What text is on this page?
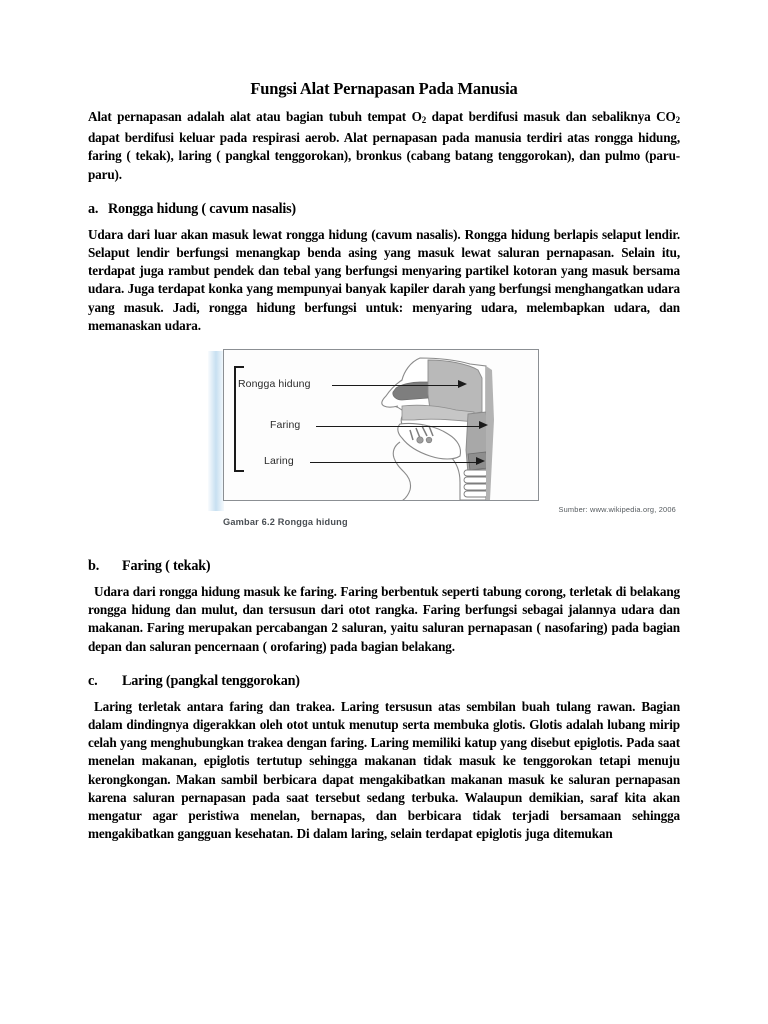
Fungsi Alat Pernapasan Pada Manusia

Alat pernapasan adalah alat atau bagian tubuh tempat $O_2$ dapat berdifusi masuk dan sebaliknya $CO_2$ dapat berdifusi keluar pada respirasi aerob. Alat pernapasan pada manusia terdiri atas rongga hidung, faring ( tekak), laring ( pangkal tenggorokan), bronkus (cabang batang tenggorokan), dan pulmo (paru-paru).

a. Rongga hidung ( cavum nasalis)

Udara dari luar akan masuk lewat rongga hidung (cavum nasalis). Rongga hidung berlapis selaput lendir. Selaput lendir berfungsi menangkap benda asing yang masuk lewat saluran pernapasan. Selain itu, terdapat juga rambut pendek dan tebal yang berfungsi menyaring partikel kotoran yang masuk bersama udara. Juga terdapat konka yang mempunyai banyak kapiler darah yang berfungsi menghangatkan udara yang masuk. Jadi, rongga hidung berfungsi untuk: menyaring udara, melembapkan udara, dan memanaskan udara.

Rongga hidung
Faring
Laring
Sumber: www.wikipedia.org, 2006
Gambar 6.2 Rongga hidung
b. Faring ( tekak)

Udara dari rongga hidung masuk ke faring. Faring berbentuk seperti tabung corong, terletak di belakang rongga hidung dan mulut, dan tersusun dari otot rangka. Faring berfungsi sebagai jalannya udara dan makanan. Faring merupakan percabangan 2 saluran, yaitu saluran pernapasan ( nasofaring) pada bagian depan dan saluran pencernaan ( orofaring) pada bagian belakang.

c. Laring (pangkal tenggorokan)

Laring terletak antara faring dan trakea. Laring tersusun atas sembilan buah tulang rawan. Bagian dalam dindingnya digerakkan oleh otot untuk menutup serta membuka glotis. Glotis adalah lubang mirip celah yang menghubungkan trakea dengan faring. Laring memiliki katup yang disebut epiglotis. Pada saat menelan makanan, epiglotis tertutup sehingga makanan tidak masuk ke tenggorokan tetapi menuju kerongkongan. Makan sambil berbicara dapat mengakibatkan makanan masuk ke saluran pernapasan karena saluran pernapasan pada saat tersebut sedang terbuka. Walaupun demikian, saraf kita akan mengatur agar peristiwa menelan, bernapas, dan berbicara tidak terjadi bersamaan sehingga mengakibatkan gangguan kesehatan. Di dalam laring, selain terdapat epiglotis juga ditemukan
